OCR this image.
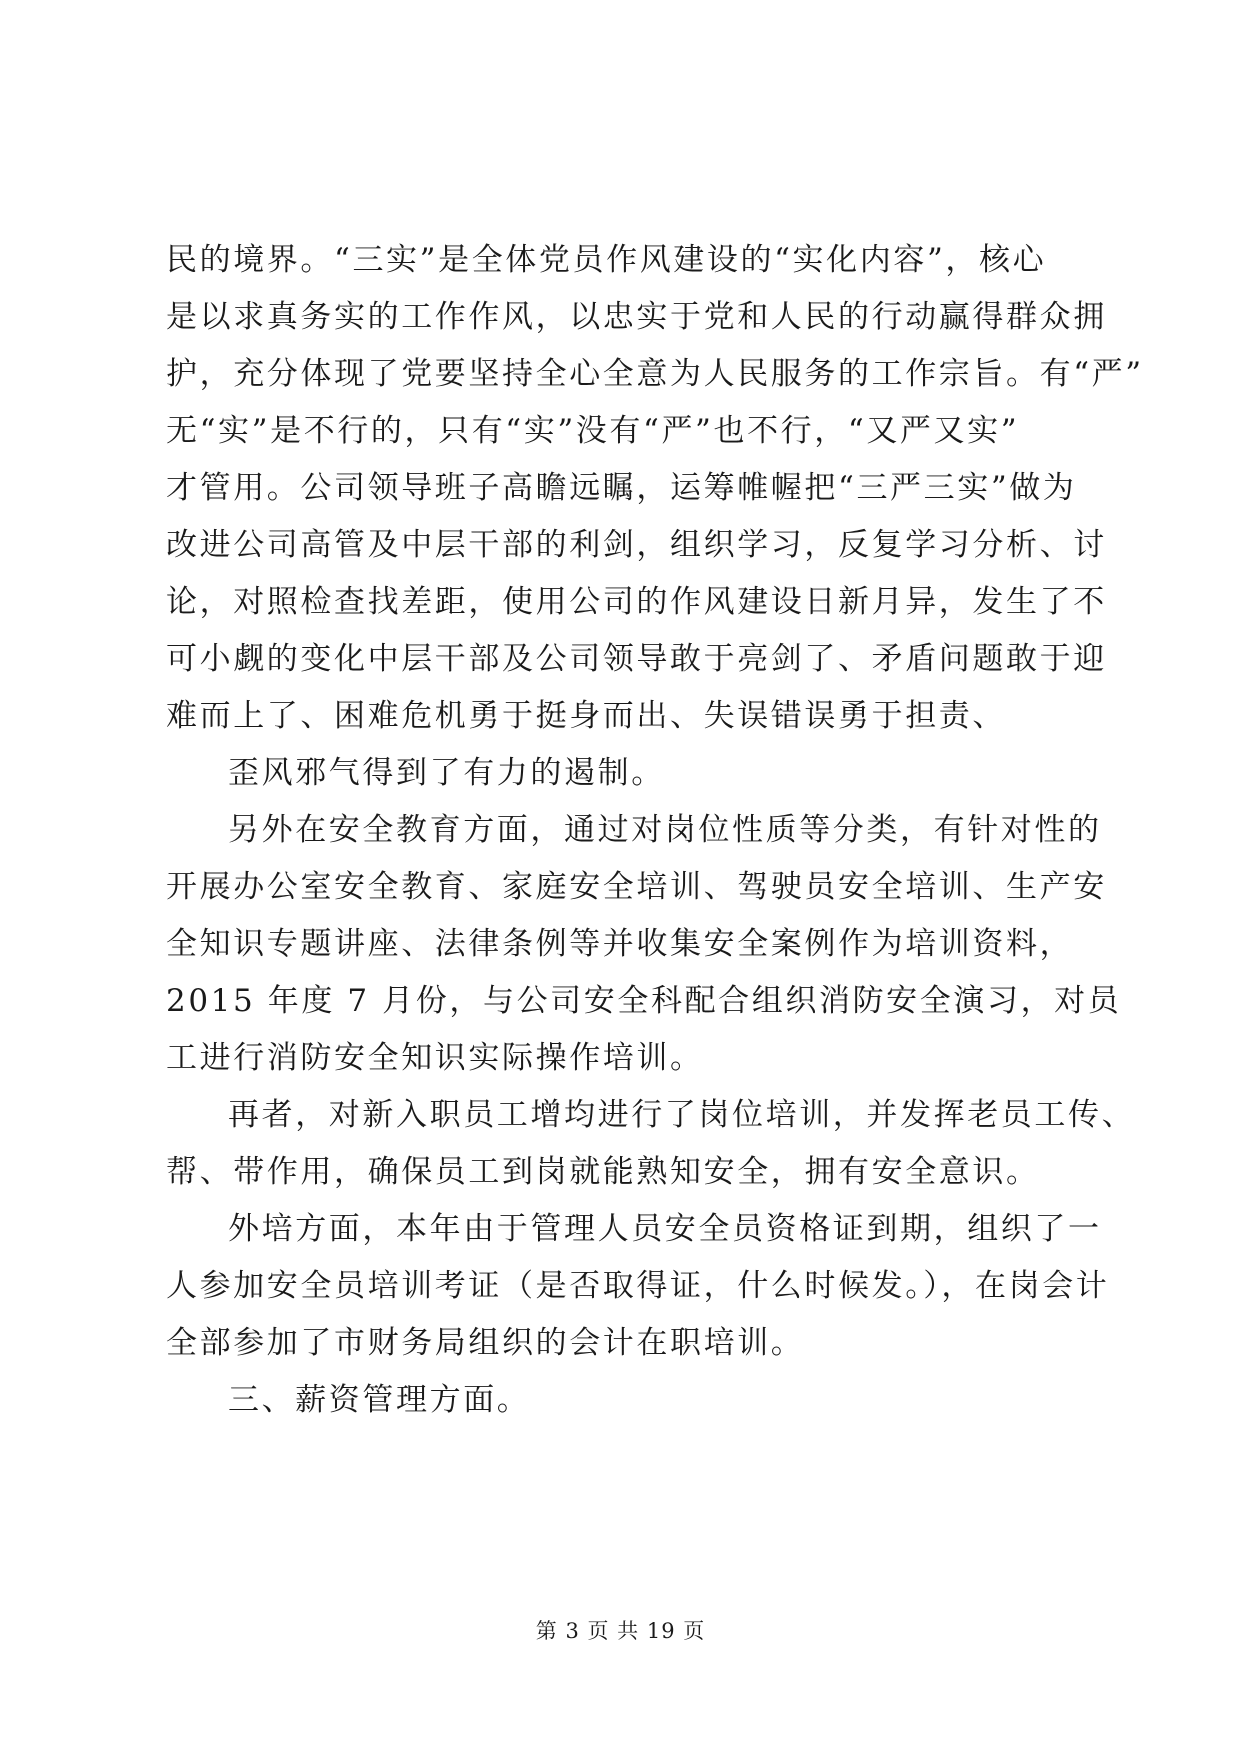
民的境界。“三实”是全体党员作风建设的“实化内容”，核心
是以求真务实的工作作风，以忠实于党和人民的行动赢得群众拥
护，充分体现了党要坚持全心全意为人民服务的工作宗旨。有“严”
无“实”是不行的，只有“实”没有“严”也不行，“又严又实”
才管用。公司领导班子高瞻远瞩，运筹帷幄把“三严三实”做为
改进公司高管及中层干部的利剑，组织学习，反复学习分析、讨
论，对照检查找差距，使用公司的作风建设日新月异，发生了不
可小觑的变化中层干部及公司领导敢于亮剑了、矛盾问题敢于迎
难而上了、困难危机勇于挺身而出、失误错误勇于担责、
歪风邪气得到了有力的遏制。
另外在安全教育方面，通过对岗位性质等分类，有针对性的
开展办公室安全教育、家庭安全培训、驾驶员安全培训、生产安
全知识专题讲座、法律条例等并收集安全案例作为培训资料，
2015 年度 7 月份，与公司安全科配合组织消防安全演习，对员
工进行消防安全知识实际操作培训。
再者，对新入职员工增均进行了岗位培训，并发挥老员工传、
帮、带作用，确保员工到岗就能熟知安全，拥有安全意识。
外培方面，本年由于管理人员安全员资格证到期，组织了一
人参加安全员培训考证（是否取得证，什么时候发。），在岗会计
全部参加了市财务局组织的会计在职培训。
三、薪资管理方面。
第 3 页 共 19 页
